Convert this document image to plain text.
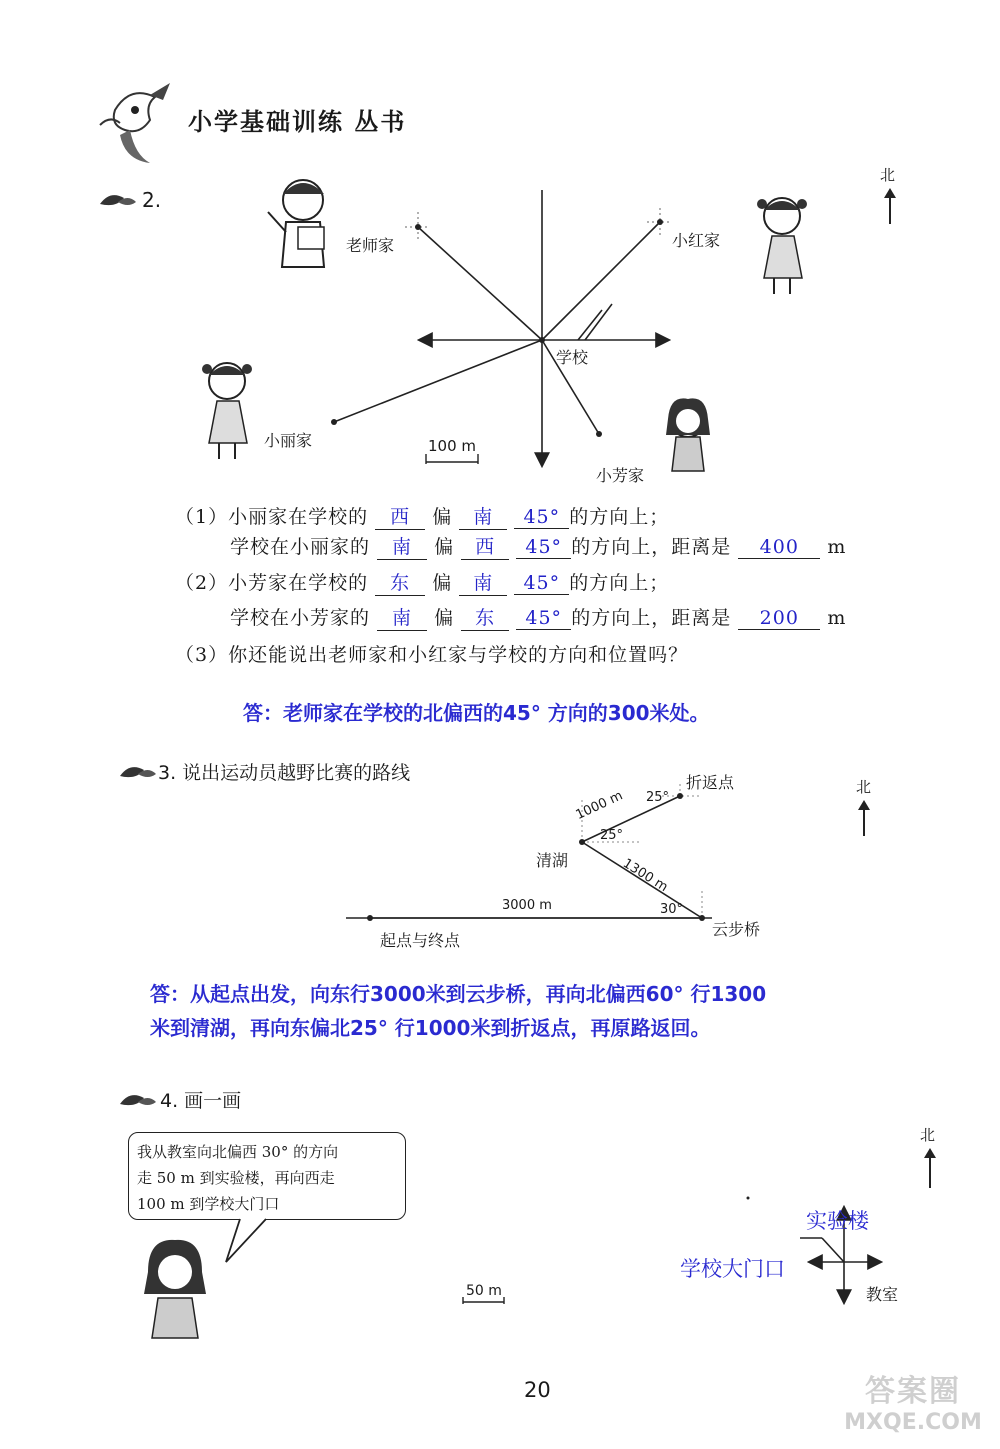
小学基础训练 丛书
2.
北
老师家	小红家
学校
小丽家
小芳家
100 m
（1）小丽家在学校的 西 偏 南 45° 的方向上；
学校在小丽家的 南 偏 西 45° 的方向上，距离是 400 m
（2）小芳家在学校的 东 偏 南 45° 的方向上；
学校在小芳家的 南 偏 东 45° 的方向上，距离是 200 m
（3）你还能说出老师家和小红家与学校的方向和位置吗？
答：老师家在学校的北偏西的45° 方向的300米处。
3. 说出运动员越野比赛的路线
北
折返点
清湖
起点与终点
云步桥
1000 m 25°
25°
1300 m
3000 m	30°
答：从起点出发，向东行3000米到云步桥，再向北偏西60° 行1300
米到清湖，再向东偏北25° 行1000米到折返点，再原路返回。
4. 画一画
我从教室向北偏西 30° 的方向
走 50 m 到实验楼，再向西走
100 m 到学校大门口
北
实验楼
学校大门口
教室
50 m
20	答案圈
MXQE.COM
